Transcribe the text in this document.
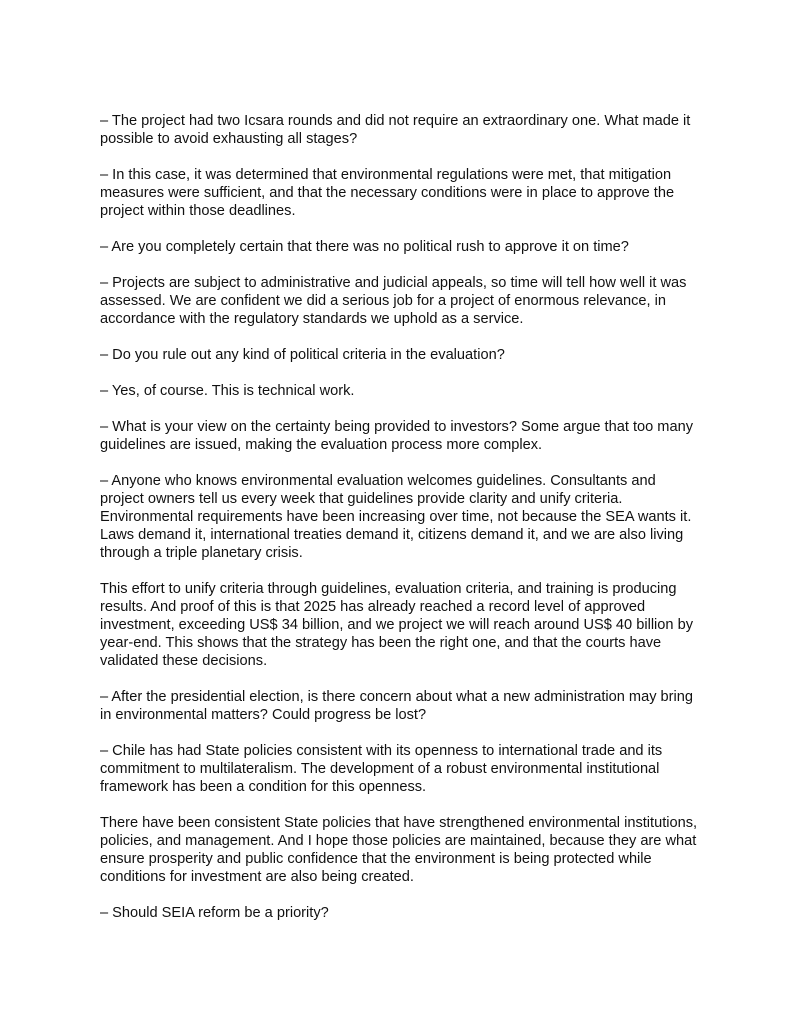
– The project had two Icsara rounds and did not require an extraordinary one. What made it possible to avoid exhausting all stages?

– In this case, it was determined that environmental regulations were met, that mitigation measures were sufficient, and that the necessary conditions were in place to approve the project within those deadlines.

– Are you completely certain that there was no political rush to approve it on time?

– Projects are subject to administrative and judicial appeals, so time will tell how well it was assessed. We are confident we did a serious job for a project of enormous relevance, in accordance with the regulatory standards we uphold as a service.

– Do you rule out any kind of political criteria in the evaluation?

– Yes, of course. This is technical work.

– What is your view on the certainty being provided to investors? Some argue that too many guidelines are issued, making the evaluation process more complex.

– Anyone who knows environmental evaluation welcomes guidelines. Consultants and project owners tell us every week that guidelines provide clarity and unify criteria. Environmental requirements have been increasing over time, not because the SEA wants it. Laws demand it, international treaties demand it, citizens demand it, and we are also living through a triple planetary crisis.

This effort to unify criteria through guidelines, evaluation criteria, and training is producing results. And proof of this is that 2025 has already reached a record level of approved investment, exceeding US$ 34 billion, and we project we will reach around US$ 40 billion by year-end. This shows that the strategy has been the right one, and that the courts have validated these decisions.

– After the presidential election, is there concern about what a new administration may bring in environmental matters? Could progress be lost?

– Chile has had State policies consistent with its openness to international trade and its commitment to multilateralism. The development of a robust environmental institutional framework has been a condition for this openness.

There have been consistent State policies that have strengthened environmental institutions, policies, and management. And I hope those policies are maintained, because they are what ensure prosperity and public confidence that the environment is being protected while conditions for investment are also being created.

– Should SEIA reform be a priority?
